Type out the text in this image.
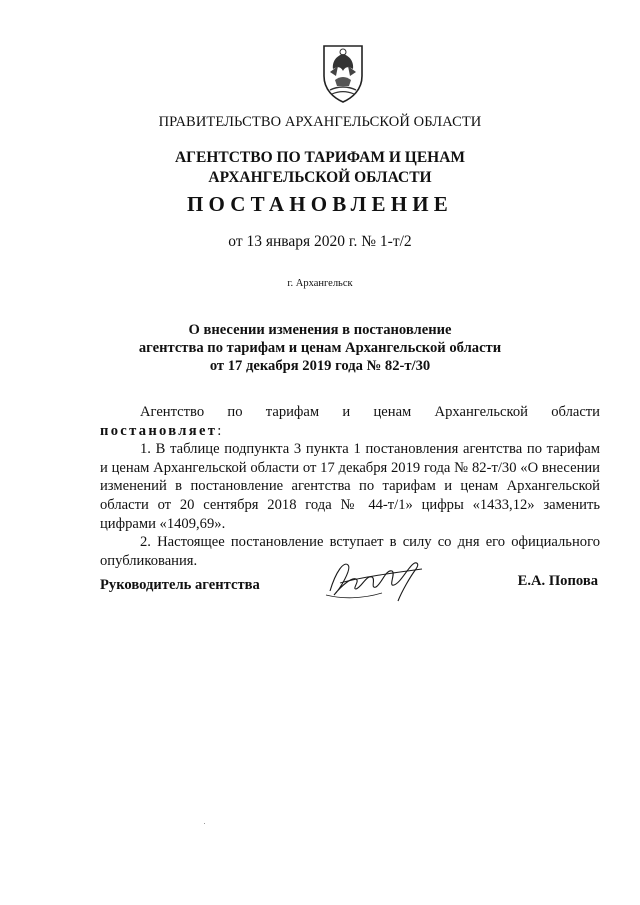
ПРАВИТЕЛЬСТВО АРХАНГЕЛЬСКОЙ ОБЛАСТИ
АГЕНТСТВО ПО ТАРИФАМ И ЦЕНАМ
АРХАНГЕЛЬСКОЙ ОБЛАСТИ
ПОСТАНОВЛЕНИЕ
от 13 января 2020 г. № 1-т/2
г. Архангельск
О внесении изменения в постановление
агентства по тарифам и ценам Архангельской области
от 17 декабря 2019 года № 82-т/30

Агентство по тарифам и ценам Архангельской области постановляет:

1. В таблице подпункта 3 пункта 1 постановления агентства по тарифам и ценам Архангельской области от 17 декабря 2019 года № 82-т/30 «О внесении изменений в постановление агентства по тарифам и ценам Архангельской области от 20 сентября 2018 года № 44-т/1» цифры «1433,12» заменить цифрами «1409,69».

2. Настоящее постановление вступает в силу со дня его официального опубликования.

Руководитель агентства	Е.А. Попова
